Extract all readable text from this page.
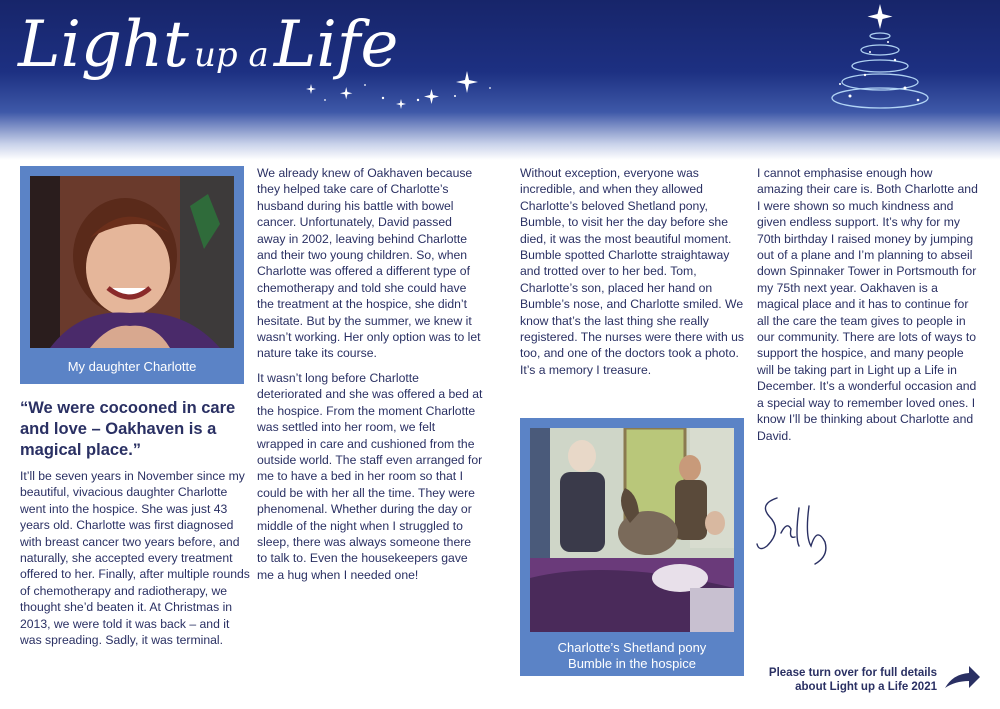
Light up a Life
My daughter Charlotte
“We were cocooned in care and love – Oakhaven is a magical place.”

It’ll be seven years in November since my beautiful, vivacious daughter Charlotte went into the hospice. She was just 43 years old. Charlotte was first diagnosed with breast cancer two years before, and naturally, she accepted every treatment offered to her. Finally, after multiple rounds of chemotherapy and radiotherapy, we thought she’d beaten it. At Christmas in 2013, we were told it was back – and it was spreading. Sadly, it was terminal.

We already knew of Oakhaven because they helped take care of Charlotte’s husband during his battle with bowel cancer. Unfortunately, David passed away in 2002, leaving behind Charlotte and their two young children. So, when Charlotte was offered a different type of chemotherapy and told she could have the treatment at the hospice, she didn’t hesitate. But by the summer, we knew it wasn’t working. Her only option was to let nature take its course.

It wasn’t long before Charlotte deteriorated and she was offered a bed at the hospice. From the moment Charlotte was settled into her room, we felt wrapped in care and cushioned from the outside world. The staff even arranged for me to have a bed in her room so that I could be with her all the time. They were phenomenal. Whether during the day or middle of the night when I struggled to sleep, there was always someone there to talk to. Even the housekeepers gave me a hug when I needed one!

Without exception, everyone was incredible, and when they allowed Charlotte’s beloved Shetland pony, Bumble, to visit her the day before she died, it was the most beautiful moment. Bumble spotted Charlotte straightaway and trotted over to her bed. Tom, Charlotte’s son, placed her hand on Bumble’s nose, and Charlotte smiled. We know that’s the last thing she really registered. The nurses were there with us too, and one of the doctors took a photo. It’s a memory I treasure.

Charlotte’s Shetland pony
Bumble in the hospice

I cannot emphasise enough how amazing their care is. Both Charlotte and I were shown so much kindness and given endless support. It’s why for my 70th birthday I raised money by jumping out of a plane and I’m planning to abseil down Spinnaker Tower in Portsmouth for my 75th next year. Oakhaven is a magical place and it has to continue for all the care the team gives to people in our community. There are lots of ways to support the hospice, and many people will be taking part in Light up a Life in December. It’s a wonderful occasion and a special way to remember loved ones. I know I’ll be thinking about Charlotte and David.

Please turn over for full details
about Light up a Life 2021
